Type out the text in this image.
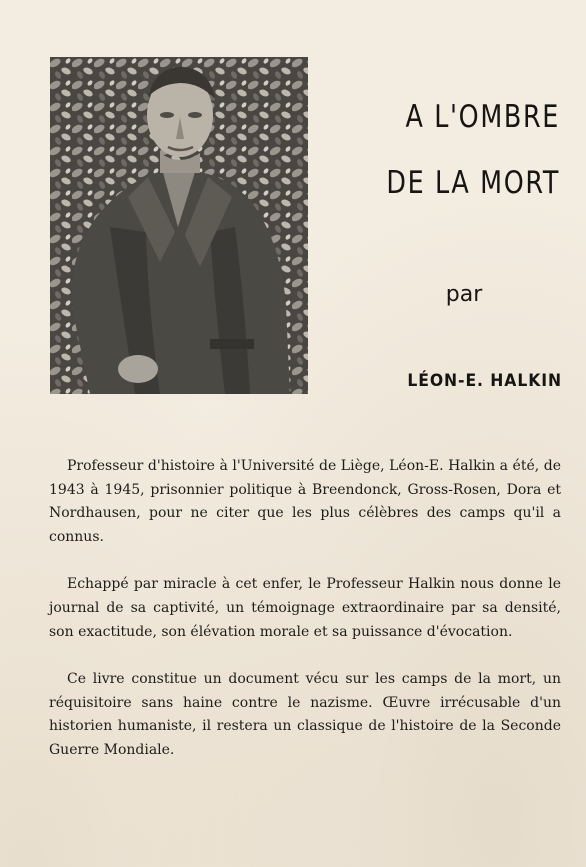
A L'OMBRE
DE LA MORT
par
LÉON-E. HALKIN

Professeur d'histoire à l'Université de Liège, Léon-E. Halkin a été, de 1943 à 1945, prisonnier politique à Breendonck, Gross-Rosen, Dora et Nordhausen, pour ne citer que les plus célèbres des camps qu'il a connus.

Echappé par miracle à cet enfer, le Professeur Halkin nous donne le journal de sa captivité, un témoignage extraordinaire par sa densité, son exactitude, son élévation morale et sa puissance d'évocation.

Ce livre constitue un document vécu sur les camps de la mort, un réquisitoire sans haine contre le nazisme. Œuvre irrécusable d'un historien humaniste, il restera un classique de l'histoire de la Seconde Guerre Mondiale.
